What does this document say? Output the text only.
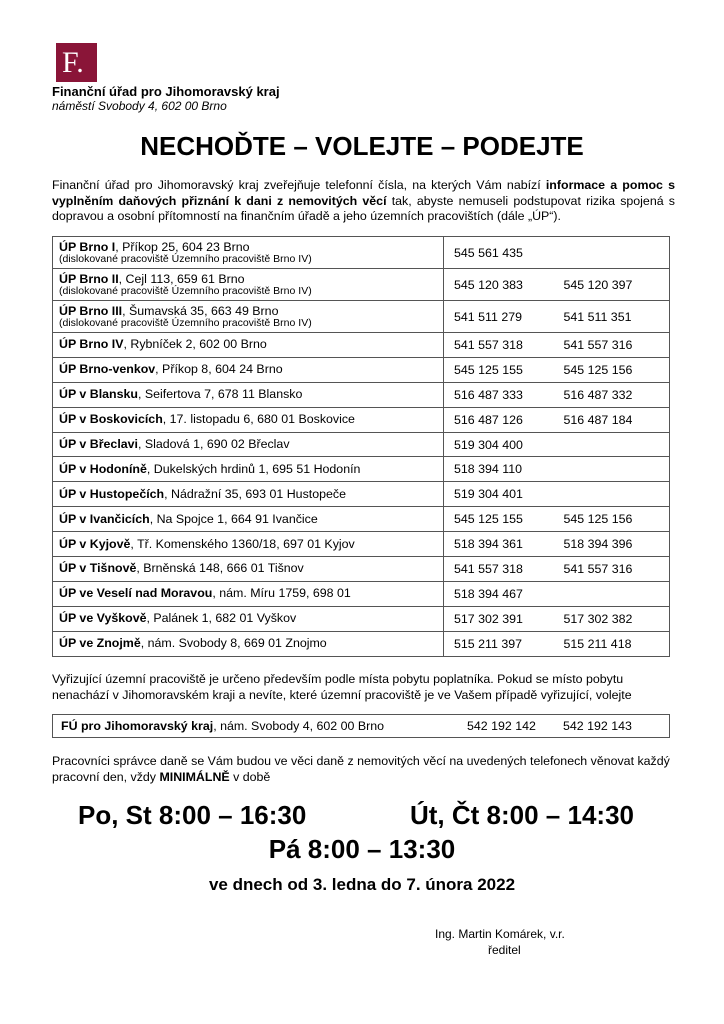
F.
Finanční úřad pro Jihomoravský kraj
náměstí Svobody 4, 602 00 Brno
NECHOĎTE – VOLEJTE – PODEJTE
Finanční úřad pro Jihomoravský kraj zveřejňuje telefonní čísla, na kterých Vám nabízí informace a pomoc s vyplněním daňových přiznání k dani z nemovitých věcí tak, abyste nemuseli podstupovat rizika spojená s dopravou a osobní přítomností na finančním úřadě a jeho územních pracovištích (dále „ÚP“).
ÚP Brno I, Příkop 25, 604 23 Brno
(dislokované pracoviště Územního pracoviště Brno IV)	545 561 435	

ÚP Brno II, Cejl 113, 659 61 Brno
(dislokované pracoviště Územního pracoviště Brno IV)	545 120 383	545 120 397

ÚP Brno III, Šumavská 35, 663 49 Brno
(dislokované pracoviště Územního pracoviště Brno IV)	541 511 279	541 511 351

ÚP Brno IV, Rybníček 2, 602 00 Brno	541 557 318	541 557 316

ÚP Brno-venkov, Příkop 8, 604 24 Brno	545 125 155	545 125 156

ÚP v Blansku, Seifertova 7, 678 11 Blansko	516 487 333	516 487 332

ÚP v Boskovicích, 17. listopadu 6, 680 01 Boskovice	516 487 126	516 487 184

ÚP v Břeclavi, Sladová 1, 690 02 Břeclav	519 304 400	

ÚP v Hodoníně, Dukelských hrdinů 1, 695 51 Hodonín	518 394 110	

ÚP v Hustopečích, Nádražní 35, 693 01 Hustopeče	519 304 401	

ÚP v Ivančicích, Na Spojce 1, 664 91 Ivančice	545 125 155	545 125 156

ÚP v Kyjově, Tř. Komenského 1360/18, 697 01 Kyjov	518 394 361	518 394 396

ÚP v Tišnově, Brněnská 148, 666 01 Tišnov	541 557 318	541 557 316

ÚP ve Veselí nad Moravou, nám. Míru 1759, 698 01	518 394 467	

ÚP ve Vyškově, Palánek 1, 682 01 Vyškov	517 302 391	517 302 382

ÚP ve Znojmě, nám. Svobody 8, 669 01 Znojmo	515 211 397	515 211 418
Vyřizující územní pracoviště je určeno především podle místa pobytu poplatníka. Pokud se místo pobytu nenachází v Jihomoravském kraji a nevíte, které územní pracoviště je ve Vašem případě vyřizující, volejte
FÚ pro Jihomoravský kraj, nám. Svobody 4, 602 00 Brno	542 192 142 542 192 143
Pracovníci správce daně se Vám budou ve věci daně z nemovitých věcí na uvedených telefonech věnovat každý pracovní den, vždy MINIMÁLNĚ v době
Po, St 8:00 – 16:30	Út, Čt 8:00 – 14:30
Pá 8:00 – 13:30
ve dnech od 3. ledna do 7. února 2022
Ing. Martin Komárek, v.r.
ředitel
